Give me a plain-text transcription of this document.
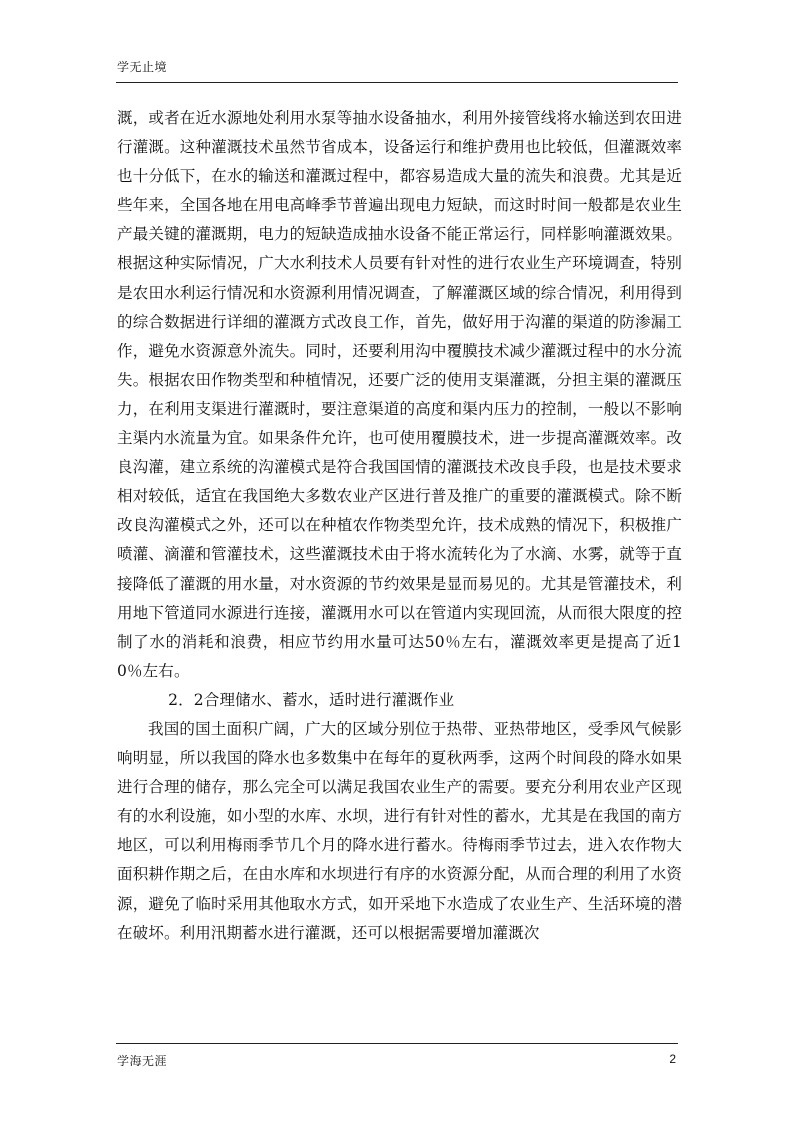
学无止境

溉，或者在近水源地处利用水泵等抽水设备抽水，利用外接管线将水输送到农田进行灌溉。这种灌溉技术虽然节省成本，设备运行和维护费用也比较低，但灌溉效率也十分低下，在水的输送和灌溉过程中，都容易造成大量的流失和浪费。尤其是近些年来，全国各地在用电高峰季节普遍出现电力短缺，而这时时间一般都是农业生产最关键的灌溉期，电力的短缺造成抽水设备不能正常运行，同样影响灌溉效果。根据这种实际情况，广大水利技术人员要有针对性的进行农业生产环境调查，特别是农田水利运行情况和水资源利用情况调查，了解灌溉区域的综合情况，利用得到的综合数据进行详细的灌溉方式改良工作，首先，做好用于沟灌的渠道的防渗漏工作，避免水资源意外流失。同时，还要利用沟中覆膜技术减少灌溉过程中的水分流失。根据农田作物类型和种植情况，还要广泛的使用支渠灌溉，分担主渠的灌溉压力，在利用支渠进行灌溉时，要注意渠道的高度和渠内压力的控制，一般以不影响主渠内水流量为宜。如果条件允许，也可使用覆膜技术，进一步提高灌溉效率。改良沟灌，建立系统的沟灌模式是符合我国国情的灌溉技术改良手段，也是技术要求相对较低，适宜在我国绝大多数农业产区进行普及推广的重要的灌溉模式。除不断改良沟灌模式之外，还可以在种植农作物类型允许，技术成熟的情况下，积极推广喷灌、滴灌和管灌技术，这些灌溉技术由于将水流转化为了水滴、水雾，就等于直接降低了灌溉的用水量，对水资源的节约效果是显而易见的。尤其是管灌技术，利用地下管道同水源进行连接，灌溉用水可以在管道内实现回流，从而很大限度的控制了水的消耗和浪费，相应节约用水量可达50％左右，灌溉效率更是提高了近10％左右。

2．2合理储水、蓄水，适时进行灌溉作业

我国的国土面积广阔，广大的区域分别位于热带、亚热带地区，受季风气候影响明显，所以我国的降水也多数集中在每年的夏秋两季，这两个时间段的降水如果进行合理的储存，那么完全可以满足我国农业生产的需要。要充分利用农业产区现有的水利设施，如小型的水库、水坝，进行有针对性的蓄水，尤其是在我国的南方地区，可以利用梅雨季节几个月的降水进行蓄水。待梅雨季节过去，进入农作物大面积耕作期之后，在由水库和水坝进行有序的水资源分配，从而合理的利用了水资源，避免了临时采用其他取水方式，如开采地下水造成了农业生产、生活环境的潜在破坏。利用汛期蓄水进行灌溉，还可以根据需要增加灌溉次

学海无涯	2
